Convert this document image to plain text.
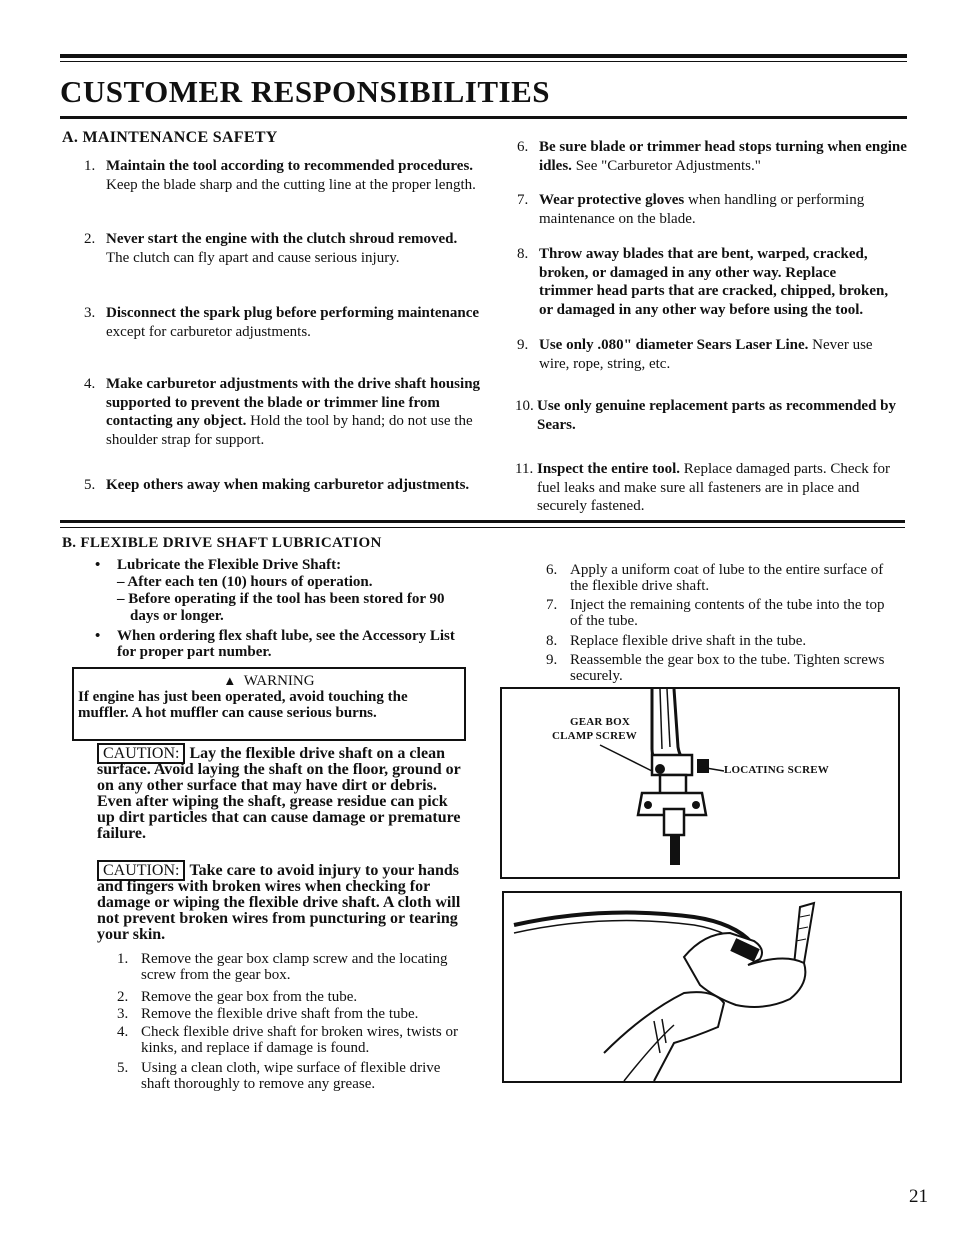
CUSTOMER RESPONSIBILITIES
A. MAINTENANCE SAFETY
1. Maintain the tool according to recommended procedures. Keep the blade sharp and the cutting line at the proper length.
2. Never start the engine with the clutch shroud removed. The clutch can fly apart and cause serious injury.
3. Disconnect the spark plug before performing maintenance except for carburetor adjustments.
4. Make carburetor adjustments with the drive shaft housing supported to prevent the blade or trimmer line from contacting any object. Hold the tool by hand; do not use the shoulder strap for support.
5. Keep others away when making carburetor adjustments.
6. Be sure blade or trimmer head stops turning when engine idles. See "Carburetor Adjustments."
7. Wear protective gloves when handling or performing maintenance on the blade.
8. Throw away blades that are bent, warped, cracked, broken, or damaged in any other way. Replace trimmer head parts that are cracked, chipped, broken, or damaged in any other way before using the tool.
9. Use only .080" diameter Sears Laser Line. Never use wire, rope, string, etc.
10. Use only genuine replacement parts as recommended by Sears.
11. Inspect the entire tool. Replace damaged parts. Check for fuel leaks and make sure all fasteners are in place and securely fastened.
B. FLEXIBLE DRIVE SHAFT LUBRICATION
• Lubricate the Flexible Drive Shaft:
– After each ten (10) hours of operation.
– Before operating if the tool has been stored for 90 days or longer.
• When ordering flex shaft lube, see the Accessory List for proper part number.
▲ WARNING
If engine has just been operated, avoid touching the muffler. A hot muffler can cause serious burns.
CAUTION: Lay the flexible drive shaft on a clean surface. Avoid laying the shaft on the floor, ground or on any other surface that may have dirt or debris. Even after wiping the shaft, grease residue can pick up dirt particles that can cause damage or premature failure.
CAUTION: Take care to avoid injury to your hands and fingers with broken wires when checking for damage or wiping the flexible drive shaft. A cloth will not prevent broken wires from puncturing or tearing your skin.
1. Remove the gear box clamp screw and the locating screw from the gear box.
2. Remove the gear box from the tube.
3. Remove the flexible drive shaft from the tube.
4. Check flexible drive shaft for broken wires, twists or kinks, and replace if damage is found.
5. Using a clean cloth, wipe surface of flexible drive shaft thoroughly to remove any grease.
6. Apply a uniform coat of lube to the entire surface of the flexible drive shaft.
7. Inject the remaining contents of the tube into the top of the tube.
8. Replace flexible drive shaft in the tube.
9. Reassemble the gear box to the tube. Tighten screws securely.
GEAR BOX
CLAMP SCREW
LOCATING SCREW
21
